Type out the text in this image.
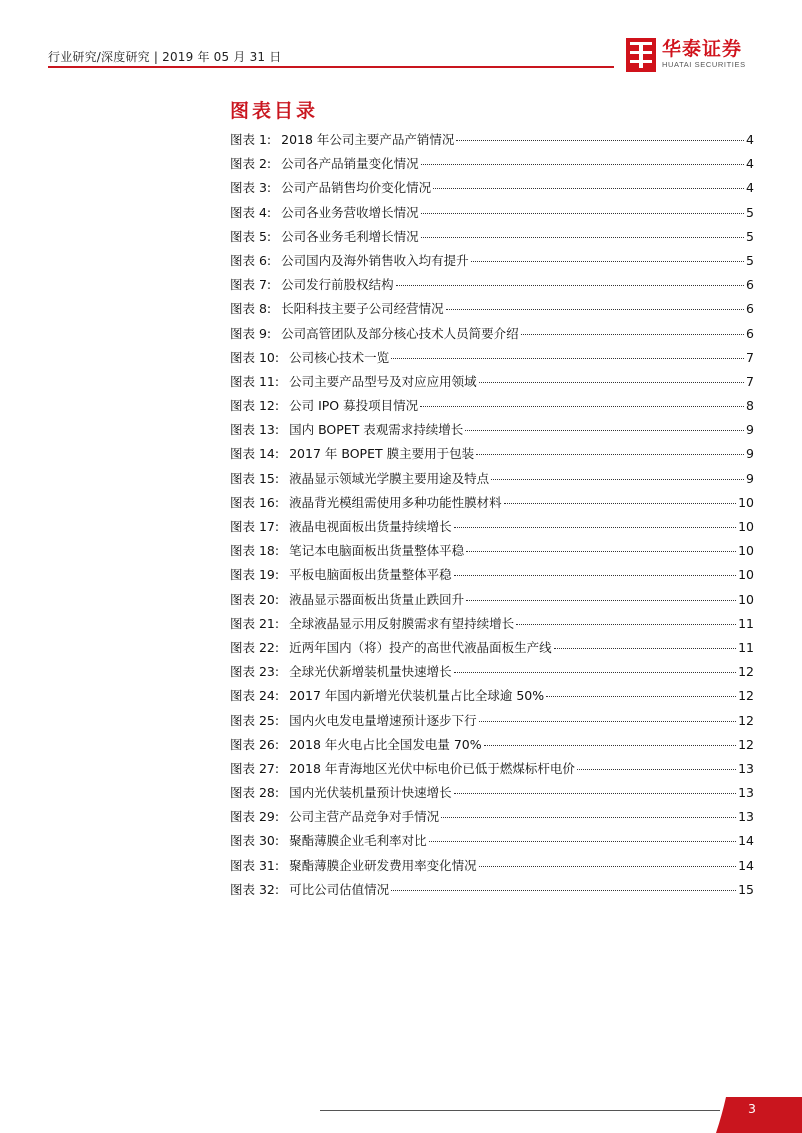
行业研究/深度研究 | 2019 年 05 月 31 日	华泰证券
HUATAI SECURITIES
图表目录
图表 1: 2018 年公司主要产品产销情况	4
图表 2: 公司各产品销量变化情况	4
图表 3: 公司产品销售均价变化情况	4
图表 4: 公司各业务营收增长情况	5
图表 5: 公司各业务毛利增长情况	5
图表 6: 公司国内及海外销售收入均有提升	5
图表 7: 公司发行前股权结构	6
图表 8: 长阳科技主要子公司经营情况	6
图表 9: 公司高管团队及部分核心技术人员简要介绍	6
图表 10: 公司核心技术一览	7
图表 11: 公司主要产品型号及对应应用领域	7
图表 12: 公司 IPO 募投项目情况	8
图表 13: 国内 BOPET 表观需求持续增长	9
图表 14: 2017 年 BOPET 膜主要用于包装	9
图表 15: 液晶显示领域光学膜主要用途及特点	9
图表 16: 液晶背光模组需使用多种功能性膜材料	10
图表 17: 液晶电视面板出货量持续增长	10
图表 18: 笔记本电脑面板出货量整体平稳	10
图表 19: 平板电脑面板出货量整体平稳	10
图表 20: 液晶显示器面板出货量止跌回升	10
图表 21: 全球液晶显示用反射膜需求有望持续增长	11
图表 22: 近两年国内（将）投产的高世代液晶面板生产线	11
图表 23: 全球光伏新增装机量快速增长	12
图表 24: 2017 年国内新增光伏装机量占比全球逾 50%	12
图表 25: 国内火电发电量增速预计逐步下行	12
图表 26: 2018 年火电占比全国发电量 70%	12
图表 27: 2018 年青海地区光伏中标电价已低于燃煤标杆电价	13
图表 28: 国内光伏装机量预计快速增长	13
图表 29: 公司主营产品竞争对手情况	13
图表 30: 聚酯薄膜企业毛利率对比	14
图表 31: 聚酯薄膜企业研发费用率变化情况	14
图表 32: 可比公司估值情况	15
3
